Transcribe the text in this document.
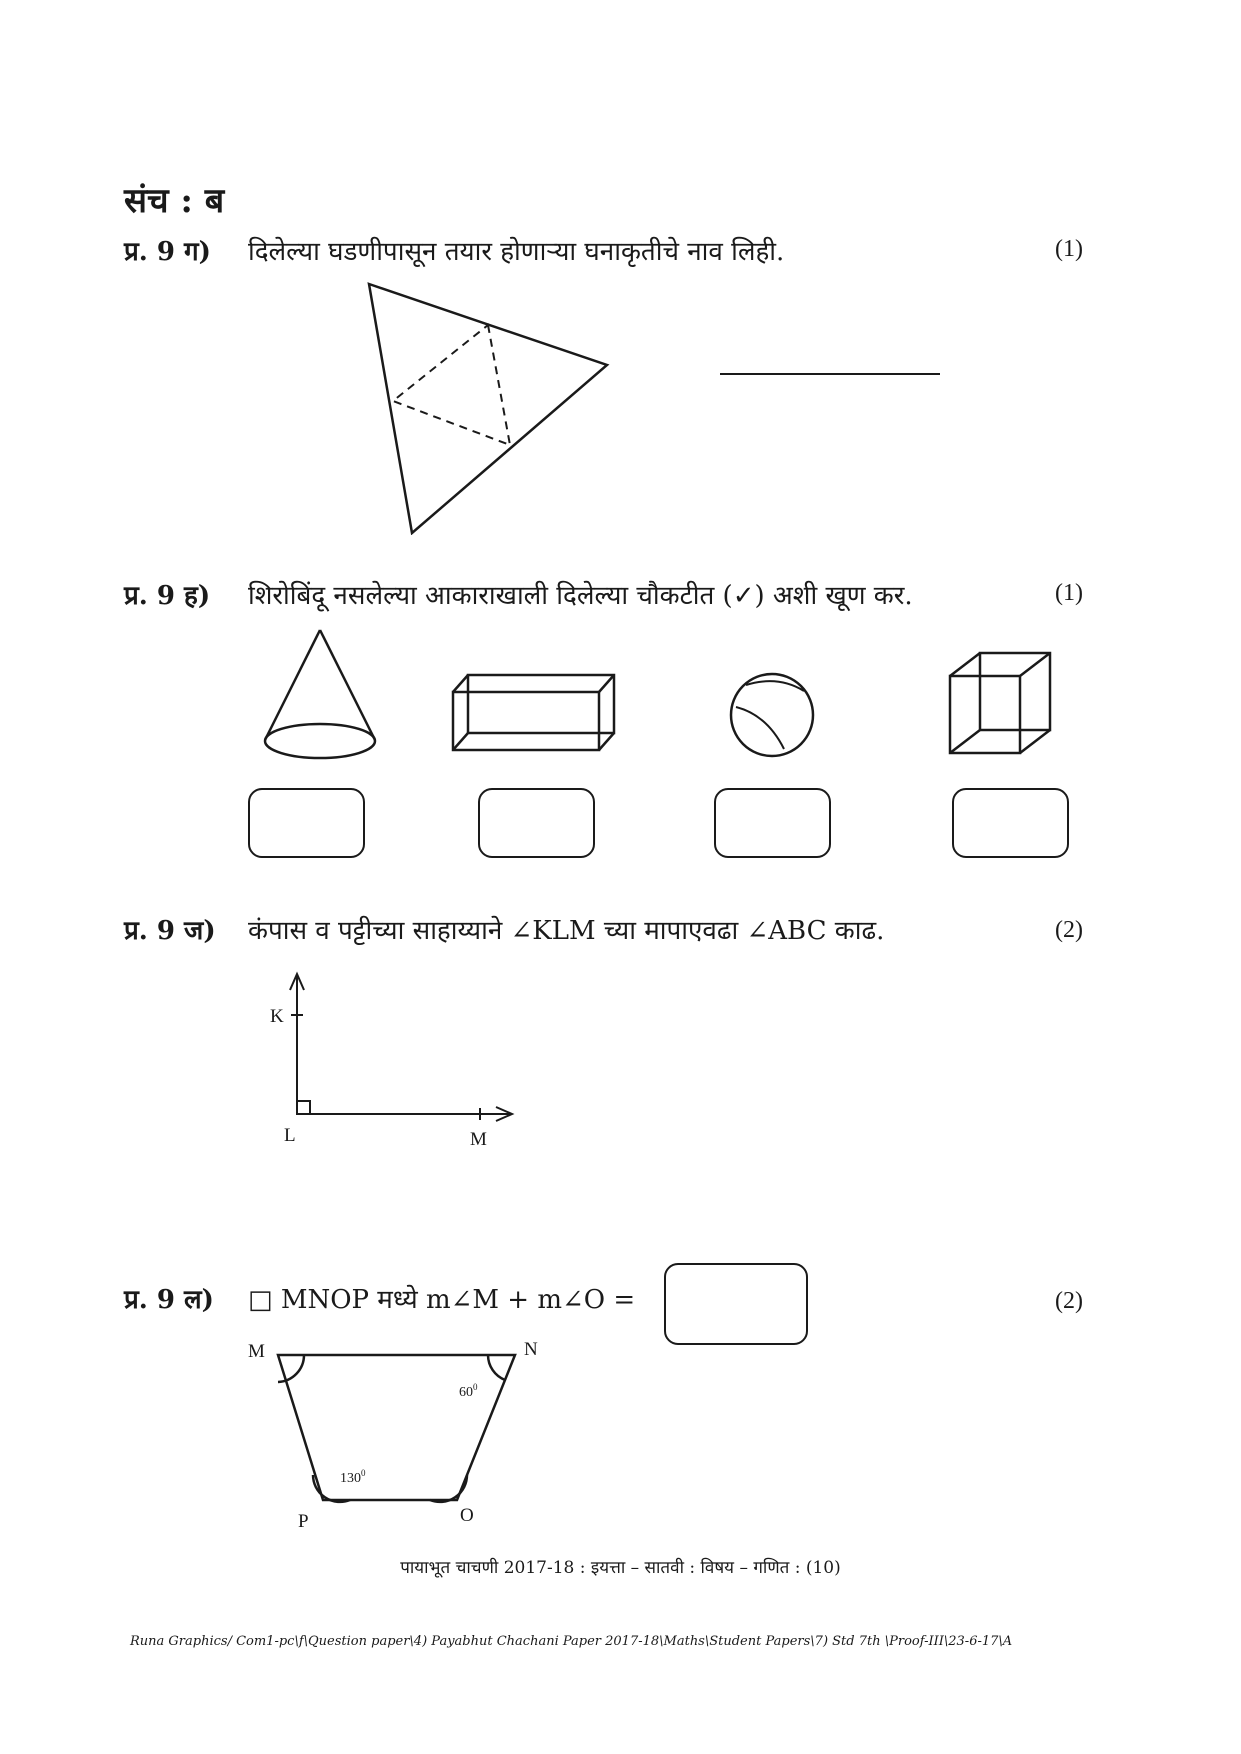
संच : ब
प्र. 9 ग) दिलेल्या घडणीपासून तयार होणाऱ्या घनाकृतीचे नाव लिही.	(1)
प्र. 9 ह) शिरोबिंदू नसलेल्या आकाराखाली दिलेल्या चौकटीत (✓) अशी खूण कर.	(1)
प्र. 9 ज) कंपास व पट्टीच्या साहाय्याने ∠KLM च्या मापाएवढा ∠ABC काढ.	(2)
K
L	M
प्र. 9 ल) □ MNOP मध्ये m∠M + m∠O =	(2)
M	N
O
P
$60^0$
$130^0$
पायाभूत चाचणी 2017-18 : इयत्ता – सातवी : विषय – गणित : (10)
Runa Graphics/ Com1-pc\f\Question paper\4) Payabhut Chachani Paper 2017-18\Maths\Student Papers\7) Std 7th \Proof-III\23-6-17\A
